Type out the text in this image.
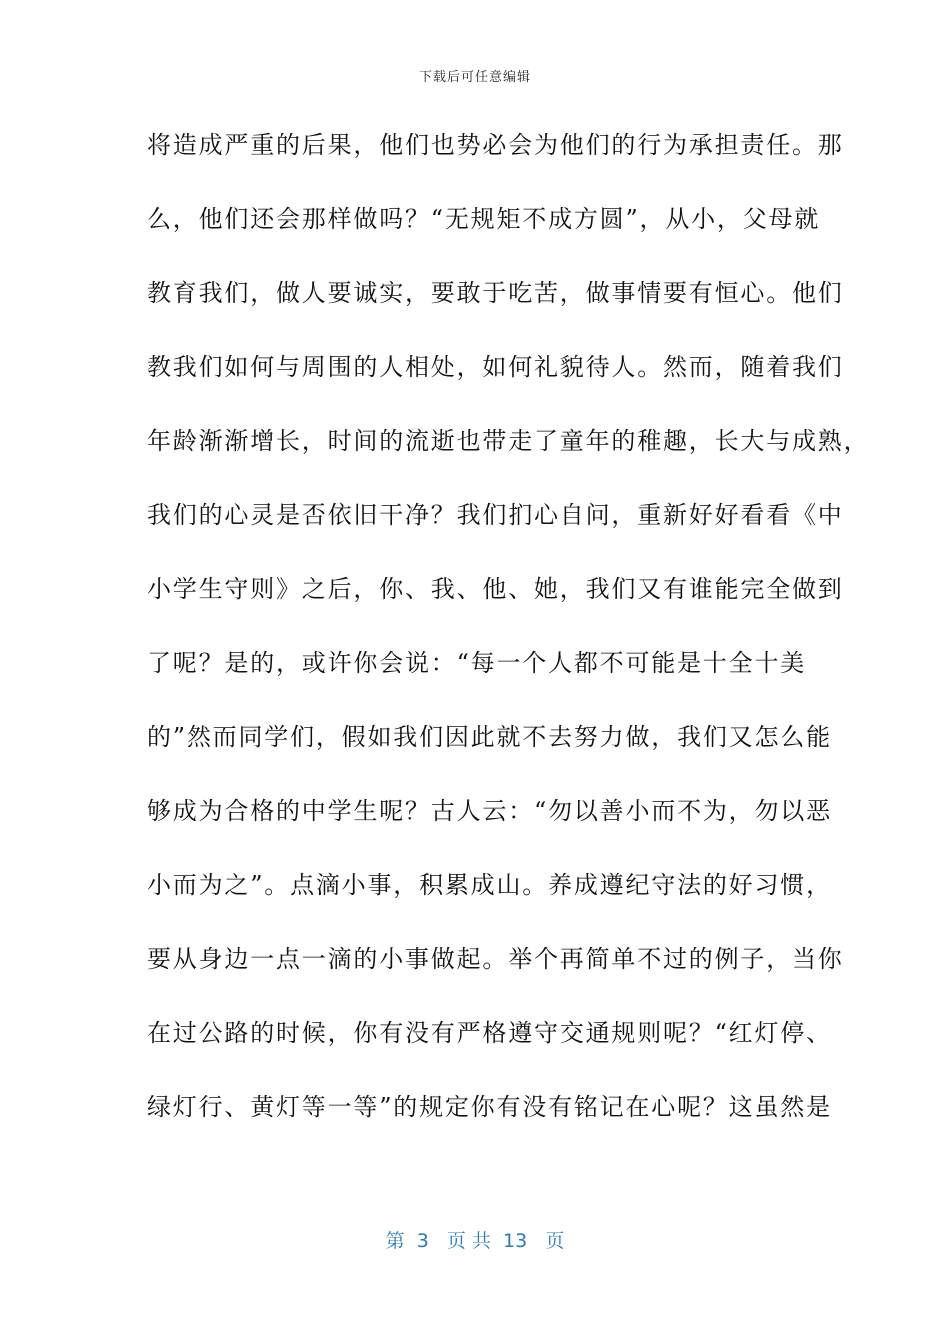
下载后可任意编辑
将造成严重的后果，他们也势必会为他们的行为承担责任。那
么，他们还会那样做吗？“无规矩不成方圆”，从小，父母就
教育我们，做人要诚实，要敢于吃苦，做事情要有恒心。他们
教我们如何与周围的人相处，如何礼貌待人。然而，随着我们
年龄渐渐增长，时间的流逝也带走了童年的稚趣，长大与成熟，
我们的心灵是否依旧干净？我们扪心自问，重新好好看看《中
小学生守则》之后，你、我、他、她，我们又有谁能完全做到
了呢？是的，或许你会说：“每一个人都不可能是十全十美
的”然而同学们，假如我们因此就不去努力做，我们又怎么能
够成为合格的中学生呢？古人云：“勿以善小而不为，勿以恶
小而为之”。点滴小事，积累成山。养成遵纪守法的好习惯，
要从身边一点一滴的小事做起。举个再简单不过的例子，当你
在过公路的时候，你有没有严格遵守交通规则呢？“红灯停、
绿灯行、黄灯等一等”的规定你有没有铭记在心呢？这虽然是
第  3   页 共  13   页
